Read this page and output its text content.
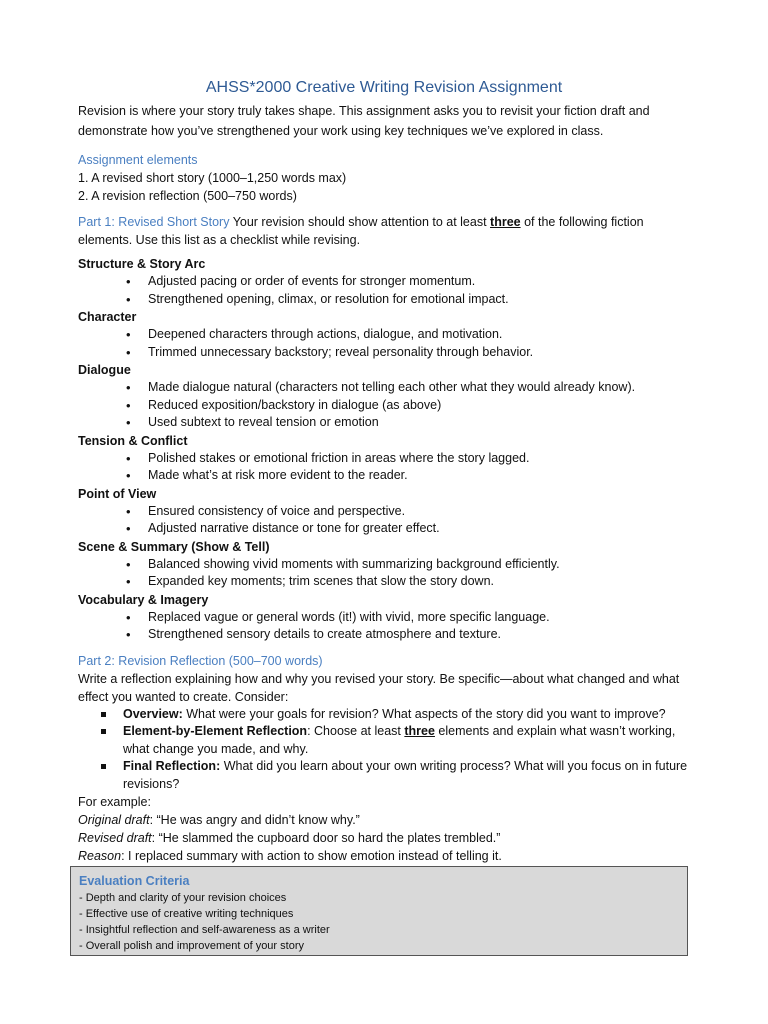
AHSS*2000 Creative Writing Revision Assignment

Revision is where your story truly takes shape. This assignment asks you to revisit your fiction draft and demonstrate how you’ve strengthened your work using key techniques we’ve explored in class.

Assignment elements

1. A revised short story (1000–1,250 words max)
2. A revision reflection (500–750 words)

Part 1: Revised Short Story Your revision should show attention to at least three of the following fiction elements. Use this list as a checklist while revising.

Structure & Story Arc
• Adjusted pacing or order of events for stronger momentum.
• Strengthened opening, climax, or resolution for emotional impact.
Character
• Deepened characters through actions, dialogue, and motivation.
• Trimmed unnecessary backstory; reveal personality through behavior.
Dialogue
• Made dialogue natural (characters not telling each other what they would already know).
• Reduced exposition/backstory in dialogue (as above)
• Used subtext to reveal tension or emotion
Tension & Conflict
• Polished stakes or emotional friction in areas where the story lagged.
• Made what’s at risk more evident to the reader.
Point of View
• Ensured consistency of voice and perspective.
• Adjusted narrative distance or tone for greater effect.
Scene & Summary (Show & Tell)
• Balanced showing vivid moments with summarizing background efficiently.
• Expanded key moments; trim scenes that slow the story down.
Vocabulary & Imagery
• Replaced vague or general words (it!) with vivid, more specific language.
• Strengthened sensory details to create atmosphere and texture.

Part 2: Revision Reflection (500–700 words)

Write a reflection explaining how and why you revised your story. Be specific—about what changed and what effect you wanted to create. Consider:

Overview: What were your goals for revision? What aspects of the story did you want to improve?
Element-by-Element Reflection: Choose at least three elements and explain what wasn’t working, what change you made, and why.
Final Reflection: What did you learn about your own writing process? What will you focus on in future revisions?

For example:

Original draft: “He was angry and didn’t know why.”

Revised draft: “He slammed the cupboard door so hard the plates trembled.”

Reason: I replaced summary with action to show emotion instead of telling it.

Evaluation Criteria

- Depth and clarity of your revision choices

- Effective use of creative writing techniques

- Insightful reflection and self-awareness as a writer

- Overall polish and improvement of your story
